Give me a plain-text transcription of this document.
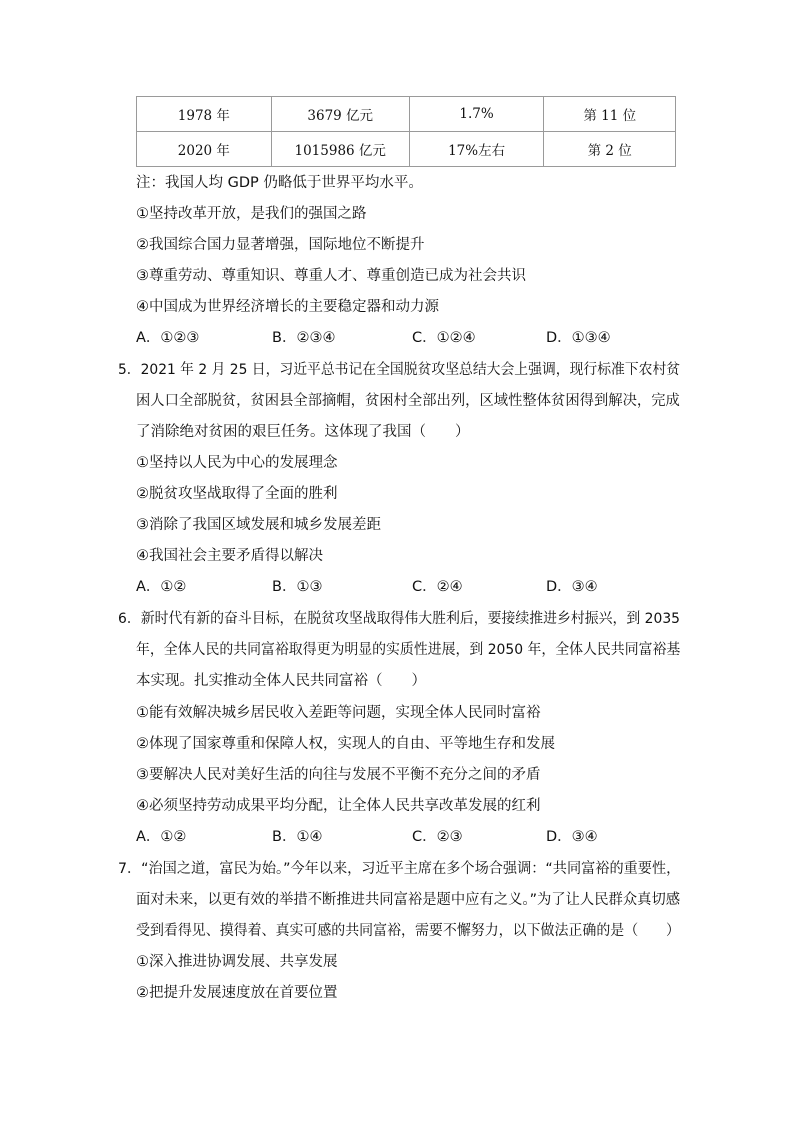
1978 年	3679 亿元	1.7%	第 11 位
2020 年	1015986 亿元	17%左右	第 2 位
注：我国人均 GDP 仍略低于世界平均水平。
①坚持改革开放，是我们的强国之路
②我国综合国力显著增强，国际地位不断提升
③尊重劳动、尊重知识、尊重人才、尊重创造已成为社会共识
④中国成为世界经济增长的主要稳定器和动力源
A．①②③	B．②③④	C．①②④	D．①③④
5．2021 年 2 月 25 日，习近平总书记在全国脱贫攻坚总结大会上强调，现行标准下农村贫
困人口全部脱贫，贫困县全部摘帽，贫困村全部出列，区域性整体贫困得到解决，完成
了消除绝对贫困的艰巨任务。这体现了我国（　　）
①坚持以人民为中心的发展理念
②脱贫攻坚战取得了全面的胜利
③消除了我国区域发展和城乡发展差距
④我国社会主要矛盾得以解决
A．①②	B．①③	C．②④	D．③④
6．新时代有新的奋斗目标，在脱贫攻坚战取得伟大胜利后，要接续推进乡村振兴，到 2035
年，全体人民的共同富裕取得更为明显的实质性进展，到 2050 年，全体人民共同富裕基
本实现。扎实推动全体人民共同富裕（　　）
①能有效解决城乡居民收入差距等问题，实现全体人民同时富裕
②体现了国家尊重和保障人权，实现人的自由、平等地生存和发展
③要解决人民对美好生活的向往与发展不平衡不充分之间的矛盾
④必须坚持劳动成果平均分配，让全体人民共享改革发展的红利
A．①②	B．①④	C．②③	D．③④
7．“治国之道，富民为始。”今年以来，习近平主席在多个场合强调：“共同富裕的重要性，
面对未来，以更有效的举措不断推进共同富裕是题中应有之义。”为了让人民群众真切感
受到看得见、摸得着、真实可感的共同富裕，需要不懈努力，以下做法正确的是（　　）
①深入推进协调发展、共享发展
②把提升发展速度放在首要位置
